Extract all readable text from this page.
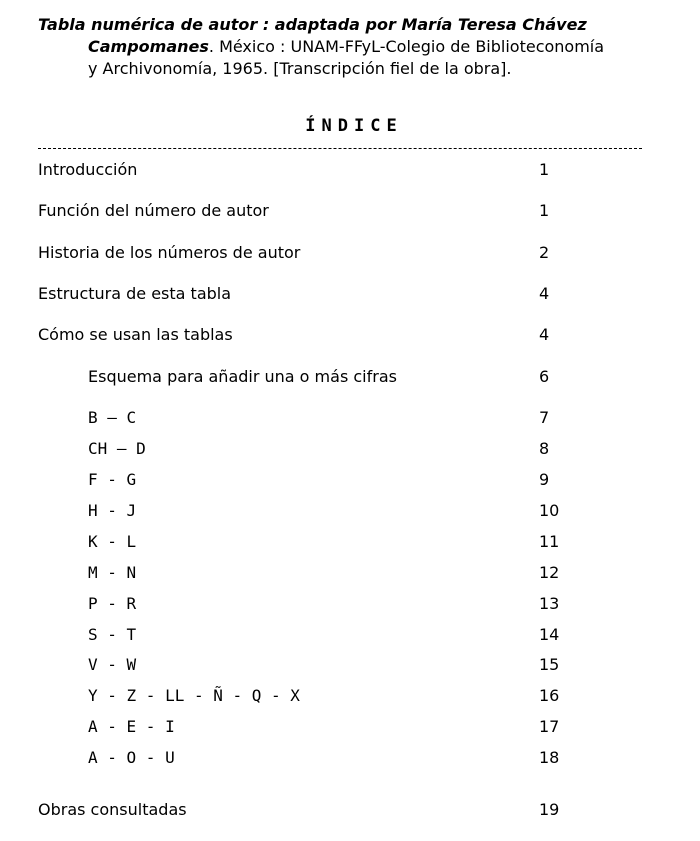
Tabla numérica de autor : adaptada por María Teresa Chávez
Campomanes. México : UNAM-FFyL-Colegio de Biblioteconomía
y Archivonomía, 1965. [Transcripción fiel de la obra].
ÍNDICE
Introducción	1
Función del número de autor	1
Historia de los números de autor	2
Estructura de esta tabla	4
Cómo se usan las tablas	4
Esquema para añadir una o más cifras	6
B – C	7
CH – D	8
F - G	9
H - J	10
K - L	11
M - N	12
P - R	13
S - T	14
V - W	15
Y - Z - LL - Ñ - Q - X	16
A - E - I	17
A - O - U	18
Obras consultadas	19
